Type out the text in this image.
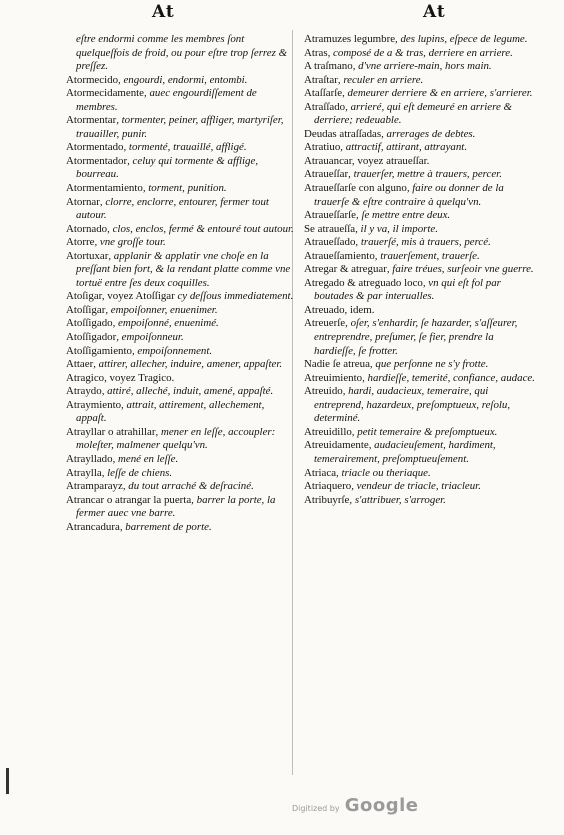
At	At

eſtre endormi comme les membres ſont quelqueſfois de froid, ou pour eſtre trop ſerrez & preſſez.

Atormecido, engourdi, endormi, entombi.

Atormecidamente, auec engourdiſſement de membres.

Atormentar, tormenter, peiner, affliger, martyriſer, trauailler, punir.

Atormentado, tormenté, trauaillé, affligé.

Atormentador, celuy qui tormente & afflige, bourreau.

Atormentamiento, torment, punition.

Atornar, clorre, enclorre, entourer, fermer tout autour.

Atornado, clos, enclos, fermé & entouré tout autour.

Atorre, vne groſſe tour.

Atortuxar, applanir & applatir vne choſe en la preſſant bien fort, & la rendant platte comme vne tortuë entre ſes deux coquilles.

Atoſigar, voyez Atoſſigar cy deſſous immediatement.

Atoſſigar, empoiſonner, enuenimer.

Atoſſigado, empoiſonné, enuenimé.

Atoſſigador, empoiſonneur.

Atoſſigamiento, empoiſonnement.

Attaer, attirer, allecher, induire, amener, appaſter.

Atragico, voyez Tragico.

Atraydo, attiré, alleché, induit, amené, appaſté.

Atraymiento, attrait, attirement, allechement, appaſt.

Atrayllar o atrahillar, mener en leſſe, accoupler: moleſter, malmener quelqu'vn.

Atrayllado, mené en leſſe.

Atraylla, leſſe de chiens.

Atramparayz, du tout arraché & deſraciné.

Atrancar o atrangar la puerta, barrer la porte, la fermer auec vne barre.

Atrancadura, barrement de porte.

Atramuzes legumbre, des lupins, eſpece de legume.

Atras, composé de a & tras, derriere en arriere.

A traſmano, d'vne arriere-main, hors main.

Atraſtar, reculer en arriere.

Ataſſarſe, demeurer derriere & en arriere, s'arrierer.

Atraſſado, arrieré, qui eſt demeuré en arriere & derriere; redeuable.

Deudas atraſſadas, arrerages de debtes.

Atratiuo, attractif, attirant, attrayant.

Atrauancar, voyez atraueſſar.

Atraueſſar, trauerſer, mettre à trauers, percer.

Atraueſſarſe con alguno, faire ou donner de la trauerſe & eſtre contraire à quelqu'vn.

Atraueſſarſe, ſe mettre entre deux.

Se atraueſſa, il y va, il importe.

Atraueſſado, trauerſé, mis à trauers, percé.

Atraueſſamiento, trauerſement, trauerſe.

Atregar & atreguar, faire tréues, surſeoir vne guerre.

Atregado & atreguado loco, vn qui eſt fol par boutades & par interualles.

Atreuado, idem.

Atreuerſe, oſer, s'enhardir, ſe hazarder, s'aſſeurer, entreprendre, preſumer, ſe fier, prendre la hardieſſe, ſe frotter.

Nadie ſe atreua, que perſonne ne s'y frotte.

Atreuimiento, hardieſſe, temerité, confiance, audace.

Atreuido, hardi, audacieux, temeraire, qui entreprend, hazardeux, preſomptueux, reſolu, determiné.

Atreuidillo, petit temeraire & preſomptueux.

Atreuidamente, audacieuſement, hardiment, temerairement, preſomptueuſement.

Atriaca, triacle ou theriaque.

Atriaquero, vendeur de triacle, triacleur.

Atribuyrſe, s'attribuer, s'arroger.

Digitized by Google
